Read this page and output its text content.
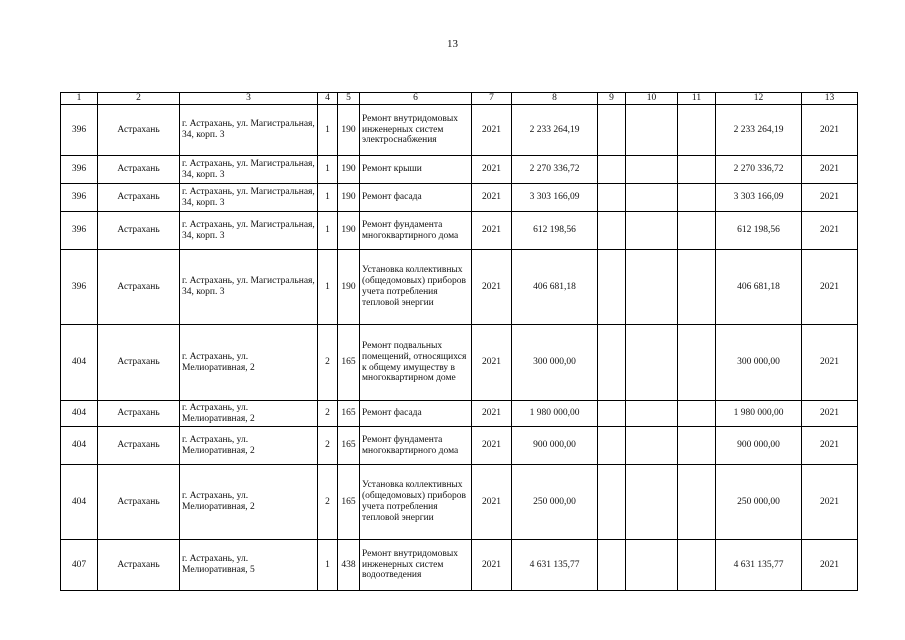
13
1	2	3	4	5	6	7	8	9	10	11	12	13
396	Астрахань	г. Астрахань, ул. Магистральная, 34, корп. 3	1	190	Ремонт внутридомовых инженерных систем электроснабжения	2021	2 233 264,19				2 233 264,19	2021
396	Астрахань	г. Астрахань, ул. Магистральная, 34, корп. 3	1	190	Ремонт крыши	2021	2 270 336,72				2 270 336,72	2021
396	Астрахань	г. Астрахань, ул. Магистральная, 34, корп. 3	1	190	Ремонт фасада	2021	3 303 166,09				3 303 166,09	2021
396	Астрахань	г. Астрахань, ул. Магистральная, 34, корп. 3	1	190	Ремонт фундамента многоквартирного дома	2021	612 198,56				612 198,56	2021
396	Астрахань	г. Астрахань, ул. Магистральная, 34, корп. 3	1	190	Установка коллективных (общедомовых) приборов учета потребления тепловой энергии	2021	406 681,18				406 681,18	2021
404	Астрахань	г. Астрахань, ул. Мелиоративная, 2	2	165	Ремонт подвальных помещений, относящихся к общему имуществу в многоквартирном доме	2021	300 000,00				300 000,00	2021
404	Астрахань	г. Астрахань, ул. Мелиоративная, 2	2	165	Ремонт фасада	2021	1 980 000,00				1 980 000,00	2021
404	Астрахань	г. Астрахань, ул. Мелиоративная, 2	2	165	Ремонт фундамента многоквартирного дома	2021	900 000,00				900 000,00	2021
404	Астрахань	г. Астрахань, ул. Мелиоративная, 2	2	165	Установка коллективных (общедомовых) приборов учета потребления тепловой энергии	2021	250 000,00				250 000,00	2021
407	Астрахань	г. Астрахань, ул. Мелиоративная, 5	1	438	Ремонт внутридомовых инженерных систем водоотведения	2021	4 631 135,77				4 631 135,77	2021
